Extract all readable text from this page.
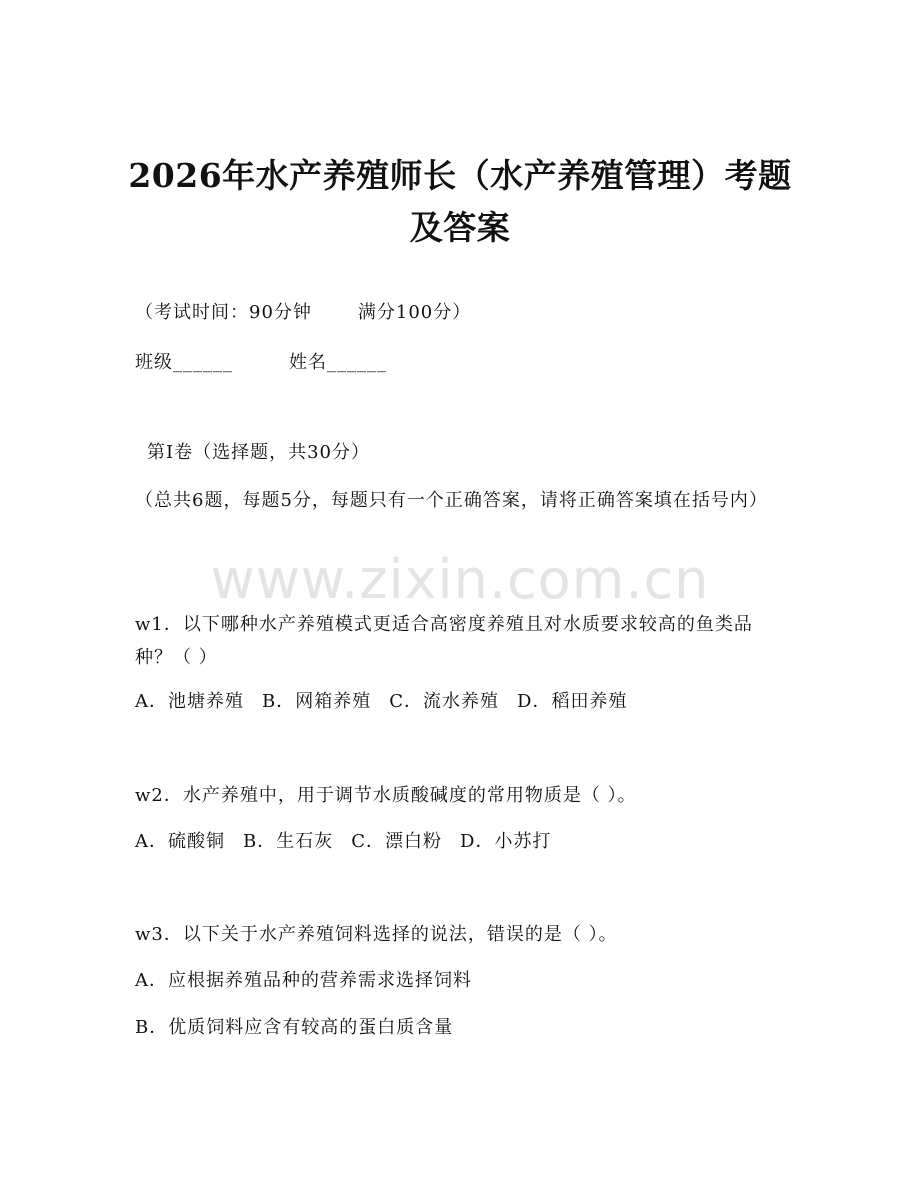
2026年水产养殖师长（水产养殖管理）考题
及答案
（考试时间：90分钟	满分100分）
班级______	姓名______
第Ⅰ卷（选择题，共30分）
（总共6题，每题5分，每题只有一个正确答案，请将正确答案填在括号内）
www.zixin.com.cn
w1．以下哪种水产养殖模式更适合高密度养殖且对水质要求较高的鱼类品种？（ ）
A．池塘养殖 B．网箱养殖 C．流水养殖 D．稻田养殖
w2．水产养殖中，用于调节水质酸碱度的常用物质是（ ）。
A．硫酸铜 B．生石灰 C．漂白粉 D．小苏打
w3．以下关于水产养殖饲料选择的说法，错误的是（ ）。
A．应根据养殖品种的营养需求选择饲料
B．优质饲料应含有较高的蛋白质含量
